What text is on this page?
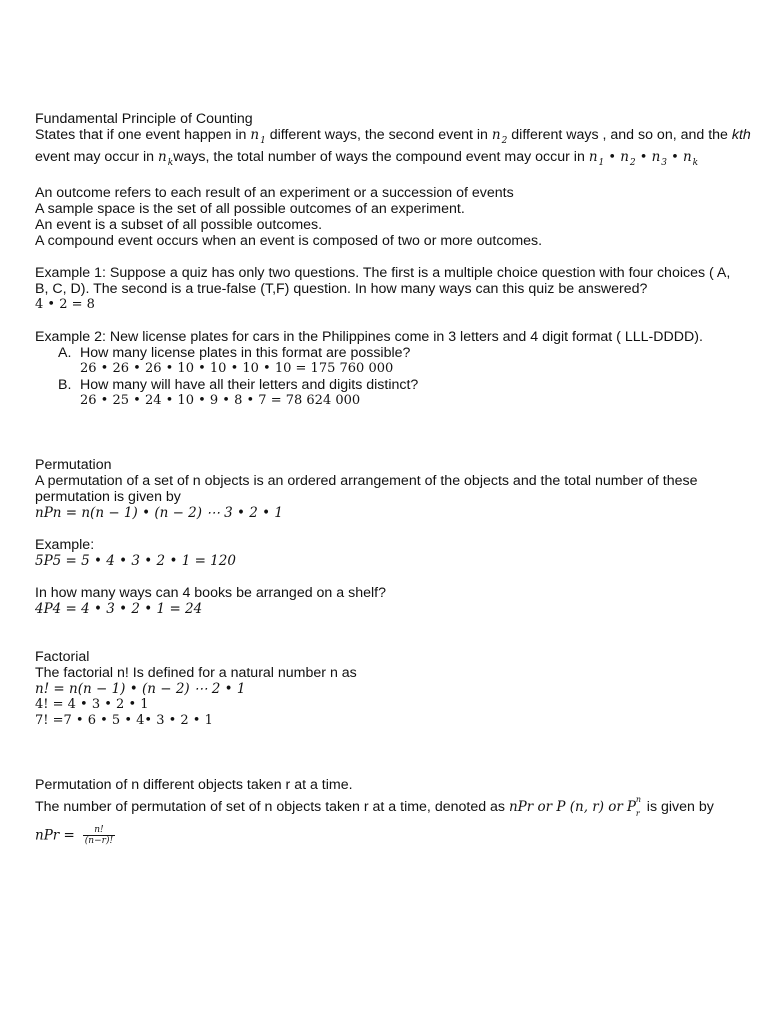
Fundamental Principle of Counting
States that if one event happen in $n_1$ different ways, the second event in $n_2$ different ways , and so on, and the kth
event may occur in $n_kways$, the total number of ways the compound event may occur in $n_1$ • $n_2$ • $n_3$ • $n_k$
An outcome refers to each result of an experiment or a succession of events
A sample space is the set of all possible outcomes of an experiment.
An event is a subset of all possible outcomes.
A compound event occurs when an event is composed of two or more outcomes.
Example 1: Suppose a quiz has only two questions. The first is a multiple choice question with four choices ( A, B, C, D). The second is a true-false (T,F) question. In how many ways can this quiz be answered?
4 • 2 = 8
Example 2: New license plates for cars in the Philippines come in 3 letters and 4 digit format ( LLL-DDDD).
A. How many license plates in this format are possible?
26 • 26 • 26 • 10 • 10 • 10 • 10 = 175 760 000
B. How many will have all their letters and digits distinct?
26 • 25 • 24 • 10 • 9 • 8 • 7 = 78 624 000
Permutation
A permutation of a set of n objects is an ordered arrangement of the objects and the total number of these permutation is given by
nPn = n(n − 1) • (n − 2) ⋯ 3 • 2 • 1
Example:
5P5 = 5 • 4 • 3 • 2 • 1 = 120
In how many ways can 4 books be arranged on a shelf?
4P4 = 4 • 3 • 2 • 1 = 24
Factorial
The factorial n! Is defined for a natural number n as
n! = n(n − 1) • (n − 2) ⋯ 2 • 1
4! = 4 • 3 • 2 • 1
7! =7 • 6 • 5 • 4• 3 • 2 • 1
Permutation of n different objects taken r at a time.
The number of permutation of set of n objects taken r at a time, denoted as nPr or P (n, r) or P n
r is given by
nPr = $\frac{n!}{(n-r)!}$
